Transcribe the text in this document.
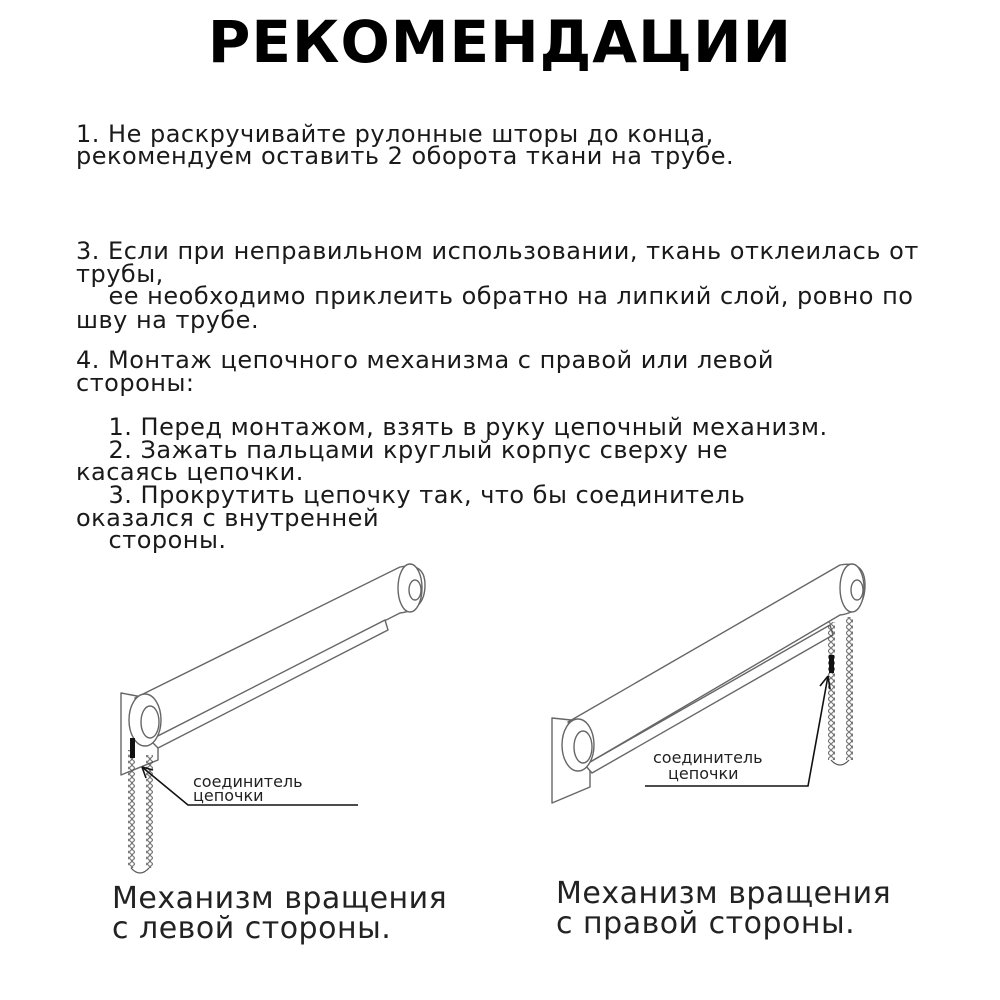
РЕКОМЕНДАЦИИ
1. Не раскручивайте рулонные шторы до конца,
рекомендуем оставить 2 оборота ткани на трубе.
3. Если при неправильном использовании, ткань отклеилась от
трубы,
ее необходимо приклеить обратно на липкий слой, ровно по
шву на трубе.
4. Монтаж цепочного механизма с правой или левой
стороны:
1. Перед монтажом, взять в руку цепочный механизм.
2. Зажать пальцами круглый корпус сверху не
касаясь цепочки.
3. Прокрутить цепочку так, что бы соединитель
оказался с внутренней
стороны.
соединитель
цепочки
соединитель
цепочки
Механизм вращения
с левой стороны.
Механизм вращения
с правой стороны.
